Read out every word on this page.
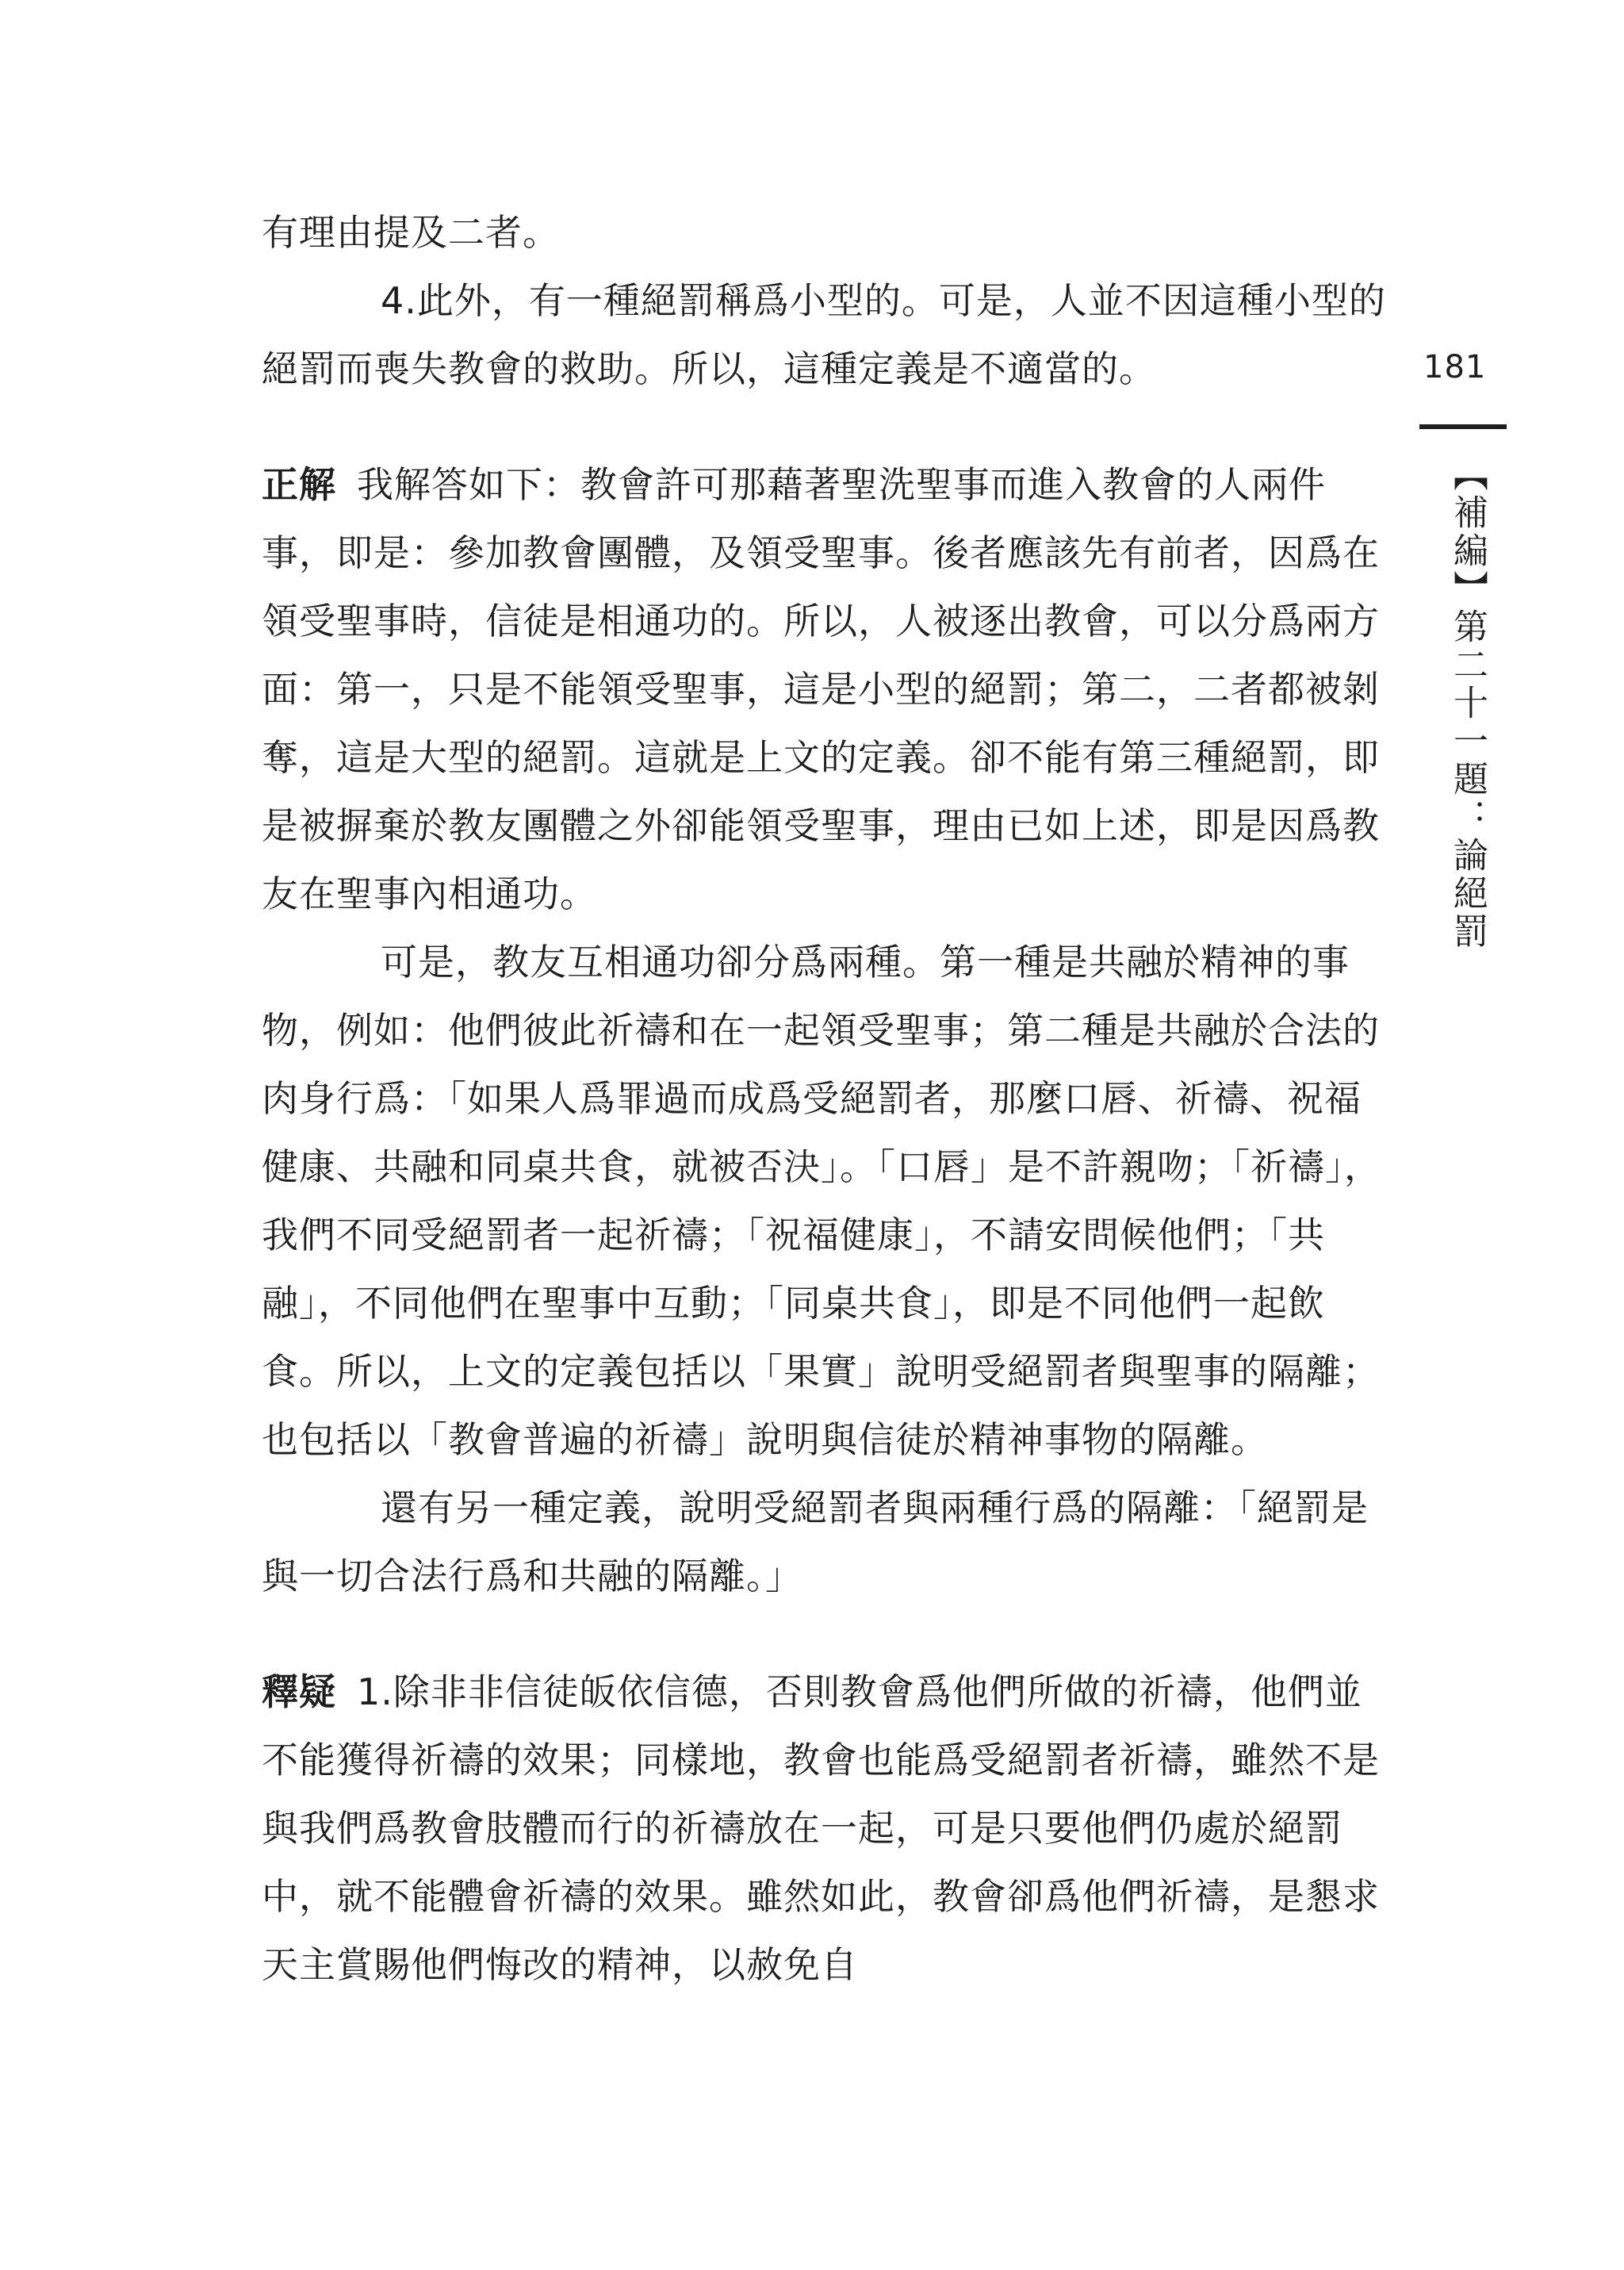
有理由提及二者。

4.此外，有一種絕罰稱爲小型的。可是，人並不因這種小型的絕罰而喪失教會的救助。所以，這種定義是不適當的。

正解 我解答如下：教會許可那藉著聖洗聖事而進入教會的人兩件事，即是：參加教會團體，及領受聖事。後者應該先有前者，因爲在領受聖事時，信徒是相通功的。所以，人被逐出教會，可以分爲兩方面：第一，只是不能領受聖事，這是小型的絕罰；第二，二者都被剝奪，這是大型的絕罰。這就是上文的定義。卻不能有第三種絕罰，即是被摒棄於教友團體之外卻能領受聖事，理由已如上述，即是因爲教友在聖事內相通功。

可是，教友互相通功卻分爲兩種。第一種是共融於精神的事物，例如：他們彼此祈禱和在一起領受聖事；第二種是共融於合法的肉身行爲：「如果人爲罪過而成爲受絕罰者，那麼口唇、祈禱、祝福健康、共融和同桌共食，就被否決」。「口唇」是不許親吻；「祈禱」，我們不同受絕罰者一起祈禱；「祝福健康」，不請安問候他們；「共融」，不同他們在聖事中互動；「同桌共食」，即是不同他們一起飲食。所以，上文的定義包括以「果實」說明受絕罰者與聖事的隔離；也包括以「教會普遍的祈禱」說明與信徒於精神事物的隔離。

還有另一種定義，說明受絕罰者與兩種行爲的隔離：「絕罰是與一切合法行爲和共融的隔離。」

釋疑 1.除非非信徒皈依信德，否則教會爲他們所做的祈禱，他們並不能獲得祈禱的效果；同樣地，教會也能爲受絕罰者祈禱，雖然不是與我們爲教會肢體而行的祈禱放在一起，可是只要他們仍處於絕罰中，就不能體會祈禱的效果。雖然如此，教會卻爲他們祈禱，是懇求天主賞賜他們悔改的精神，以赦免自

181
【補編】第二十一題：論絕罰
